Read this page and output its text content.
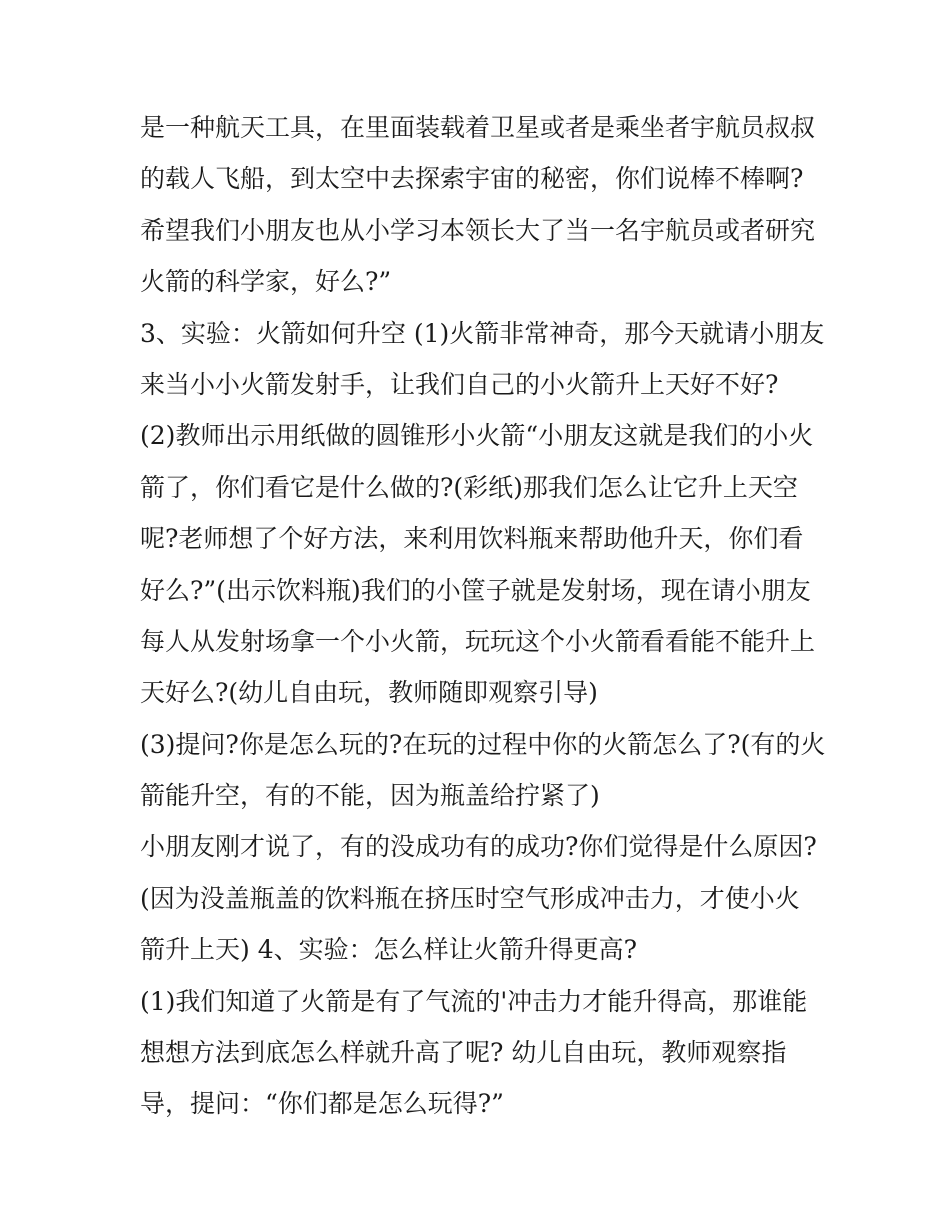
是一种航天工具，在里面装载着卫星或者是乘坐者宇航员叔叔
的载人飞船，到太空中去探索宇宙的秘密，你们说棒不棒啊?
希望我们小朋友也从小学习本领长大了当一名宇航员或者研究
火箭的科学家，好么?”
3、实验：火箭如何升空 (1)火箭非常神奇，那今天就请小朋友
来当小小火箭发射手，让我们自己的小火箭升上天好不好?
(2)教师出示用纸做的圆锥形小火箭“小朋友这就是我们的小火
箭了，你们看它是什么做的?(彩纸)那我们怎么让它升上天空
呢?老师想了个好方法，来利用饮料瓶来帮助他升天，你们看
好么?”(出示饮料瓶)我们的小筐子就是发射场，现在请小朋友
每人从发射场拿一个小火箭，玩玩这个小火箭看看能不能升上
天好么?(幼儿自由玩，教师随即观察引导)
(3)提问?你是怎么玩的?在玩的过程中你的火箭怎么了?(有的火
箭能升空，有的不能，因为瓶盖给拧紧了)
小朋友刚才说了，有的没成功有的成功?你们觉得是什么原因?
(因为没盖瓶盖的饮料瓶在挤压时空气形成冲击力，才使小火
箭升上天) 4、实验：怎么样让火箭升得更高?
(1)我们知道了火箭是有了气流的'冲击力才能升得高，那谁能
想想方法到底怎么样就升高了呢? 幼儿自由玩，教师观察指
导，提问：“你们都是怎么玩得?”
